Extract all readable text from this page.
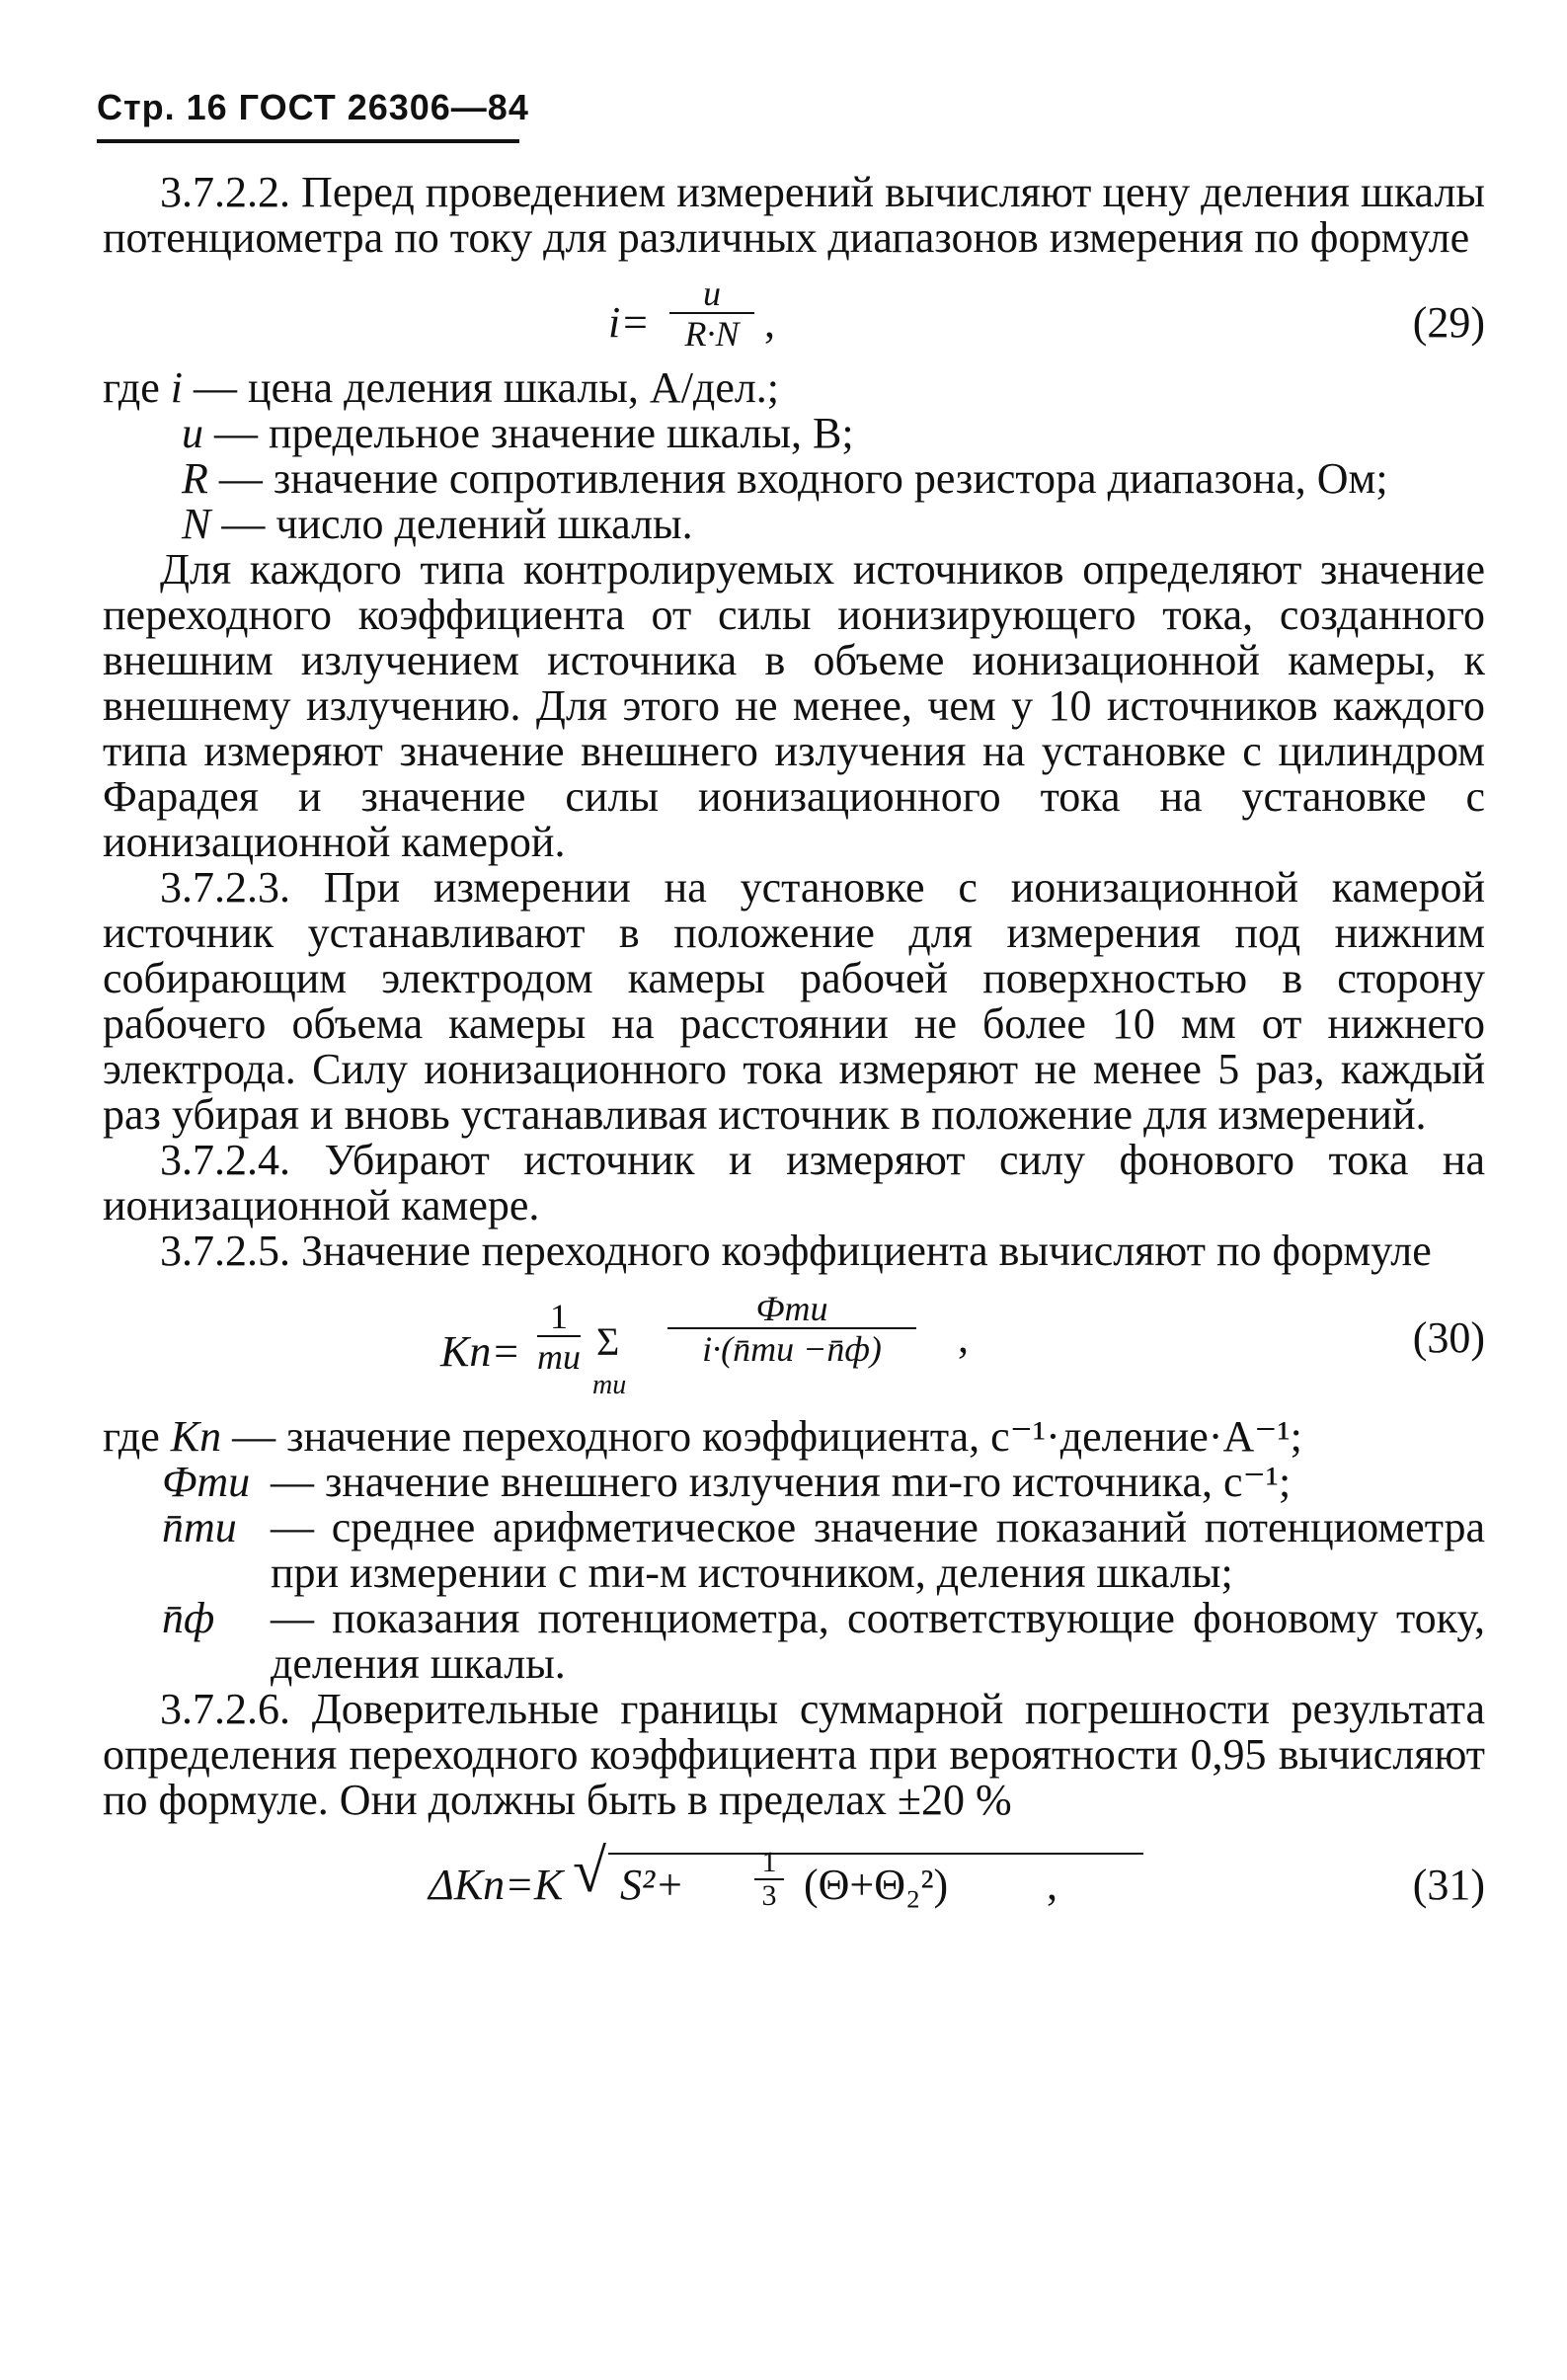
Стр. 16 ГОСТ 26306—84

3.7.2.2. Перед проведением измерений вычисляют цену деления шкалы потенциометра по току для различных диапазонов измерения по формуле

i=
u
R·N ,	(29)

где i — цена деления шкалы, A/дел.;

u
— предельное значение шкалы, В;
R
— значение сопротивления входного резистора диапазона, Ом;
N
— число делений шкалы.

Для каждого типа контролируемых источников определяют значение переходного коэффициента от силы ионизирующего тока, созданного внешним излучением источника в объеме ионизационной камеры, к внешнему излучению. Для этого не менее, чем у 10 источников каждого типа измеряют значение внешнего излучения на установке с цилиндром Фарадея и значение силы ионизационного тока на установке с ионизационной камерой.

3.7.2.3. При измерении на установке с ионизационной камерой источник устанавливают в положение для измерения под нижним собирающим электродом камеры рабочей поверхностью в сторону рабочего объема камеры на расстоянии не более 10 мм от нижнего электрода. Силу ионизационного тока измеряют не менее 5 раз, каждый раз убирая и вновь устанавливая источник в положение для измерений.

3.7.2.4. Убирают источник и измеряют силу фонового тока на ионизационной камере.

3.7.2.5. Значение переходного коэффициента вычисляют по формуле

Kп=
1
mи Σ
mи
Фmи
i·(n̄mи −n̄ф) ,	(30)

где Kп — значение переходного коэффициента, с⁻¹·деление·А⁻¹;

Фmи — значение внешнего излучения mи-го источника, с⁻¹;
n̄mи — среднее арифметическое значение показаний потенциометра при измерении с mи-м источником, деления шкалы;
n̄ф	— показания потенциометра, соответствующие фоновому току, деления шкалы.

3.7.2.6. Доверительные границы суммарной погрешности результата определения переходного коэффициента при вероятности 0,95 вычисляют по формуле. Они должны быть в пределах ±20 %

ΔKп=K √ S²+	1
3 (Θ+Θ₂²) ,	(31)
